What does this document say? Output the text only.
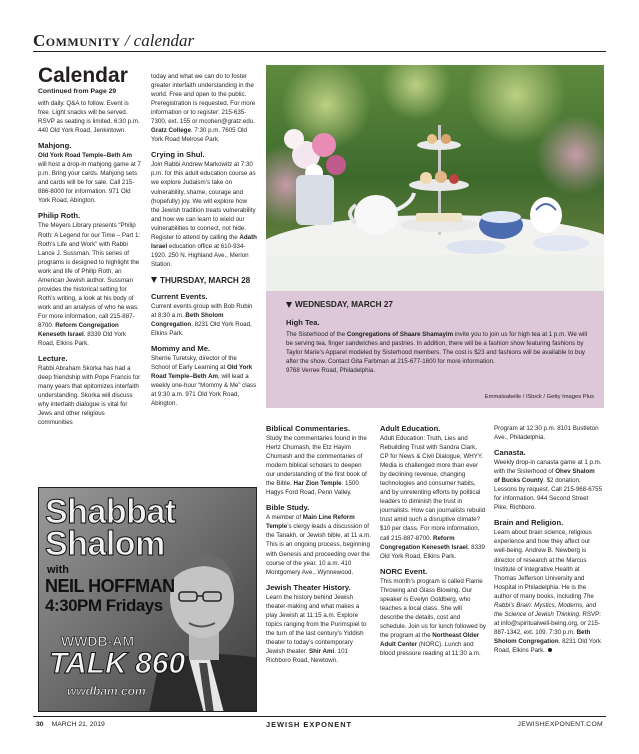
Community / calendar
Calendar
Continued from Page 29

with daily. Q&A to follow. Event is free. Light snacks will be served. RSVP as seating is limited. 6:30 p.m. 440 Old York Road, Jenkintown.

Mahjong.

Old York Road Temple–Beth Am will host a drop-in mahjong game at 7 p.m. Bring your cards. Mahjong sets and cards will be for sale. Call 215-886-8000 for information. 971 Old York Road, Abington.

Philip Roth.

The Meyers Library presents “Philip Roth: A Legend for our Time – Part 1: Roth’s Life and Work” with Rabbi Lance J. Sussman. This series of programs is designed to highlight the work and life of Philip Roth, an American Jewish author. Sussman provides the historical setting for Roth’s writing, a look at his body of work and an analysis of who he was. For more information, call 215-887-8700. Reform Congregation Keneseth Israel. 8339 Old York Road, Elkins Park.

Lecture.

Rabbi Abraham Skorka has had a deep friendship with Pope Francis for many years that epitomizes interfaith understanding. Skorka will discuss why interfaith dialogue is vital for Jews and other religious communities

today and what we can do to foster greater interfaith understanding in the world. Free and open to the public. Preregistration is requested. For more information or to register: 215-635-7300, ext. 155 or mcohen@gratz.edu. Gratz College. 7:30 p.m. 7605 Old York Road Melrose Park.

Crying in Shul.

Join Rabbi Andrew Markowitz at 7:30 p.m. for this adult education course as we explore Judaism’s take on vulnerability, shame, courage and (hopefully) joy. We will explore how the Jewish tradition treats vulnerability and how we can learn to wield our vulnerabilities to connect, not hide. Register to attend by calling the Adath Israel education office at 610-934-1920. 250 N. Highland Ave., Merion Station.

THURSDAY, MARCH 28
Current Events.

Current events group with Bob Rubin at 8:30 a.m. Beth Sholom Congregation. 8231 Old York Road, Elkins Park.

Mommy and Me.

Sherrie Turetsky, director of the School of Early Learning at Old York Road Temple–Beth Am, will lead a weekly one-hour “Mommy & Me” class at 9:30 a.m. 971 Old York Road, Abington.

WEDNESDAY, MARCH 27
High Tea.

The Sisterhood of the Congregations of Shaare Shamayim invite you to join us for high tea at 1 p.m. We will be serving tea, finger sandwiches and pastries. In addition, there will be a fashion show featuring fashions by Taylor Marie’s Apparel modeled by Sisterhood members. The cost is $23 and fashions will be available to buy after the show. Contact Gita Farbman at 215-677-1600 for more information.

9768 Verree Road, Philadelphia.

Emmalsabelle / iStock / Getty Images Plus
Biblical Commentaries.

Study the commentaries found in the Hertz Chumash, the Etz Hayim Chumash and the commentaries of modern biblical scholars to deepen our understanding of the first book of the Bible. Har Zion Temple. 1500 Hagys Ford Road, Penn Valley.

Bible Study.

A member of Main Line Reform Temple’s clergy leads a discussion of the Tanakh, or Jewish bible, at 11 a.m. This is an ongoing process, beginning with Genesis and proceeding over the course of the year. 10 a.m. 410 Montgomery Ave., Wynnewood.

Jewish Theater History.

Learn the history behind Jewish theater-making and what makes a play Jewish at 11:15 a.m. Explore topics ranging from the Purimspiel to the turn of the last century’s Yiddish theater to today’s contemporary Jewish theater. Shir Ami. 101 Richboro Road, Newtown.

Adult Education.

Adult Education: Truth, Lies and Rebuilding Trust with Sandra Clark, CP for News & Civil Dialogue, WHYY. Media is challenged more than ever by declining revenue, changing technologies and consumer habits, and by unrelenting efforts by political leaders to diminish the trust in journalists. How can journalists rebuild trust amid such a disruptive climate? $10 per class. For more information, call 215-887-8700. Reform Congregation Keneseth Israel. 8339 Old York Road, Elkins Park.

NORC Event.

This month’s program is called Flame Throwing and Glass Blowing. Our speaker is Evelyn Goldberg, who teaches a local class. She will describe the details, cost and schedule. Join us for lunch followed by the program at the Northeast Older Adult Center (NORC). Lunch and blood pressure reading at 11:30 a.m.

Program at 12:30 p.m. 8101 Bustleton Ave., Philadelphia.

Canasta.

Weekly drop-in canasta game at 1 p.m. with the Sisterhood of Ohev Shalom of Bucks County. $2 donation. Lessons by request. Call 215-968-6755 for information. 944 Second Street Pike, Richboro.

Brain and Religion.

Learn about brain science, religious experience and how they affect our well-being. Andrew B. Newberg is director of research at the Marcus Institute of Integrative Health at Thomas Jefferson University and Hospital in Philadelphia. He is the author of many books, including The Rabbi’s Brain: Mystics, Moderns, and the Science of Jewish Thinking. RSVP: at info@spiritualwell-being.org, or 215-887-1342, ext. 109. 7:30 p.m. Beth Sholom Congregation. 8231 Old York Road, Elkins Park.

Shabbat
Shalom
with
NEIL HOFFMAN
4:30PM Fridays
WWDB-AM
TALK 860
wwdbam.com
30 MARCH 21, 2019	JEWISH EXPONENT	JEWISHEXPONENT.COM
